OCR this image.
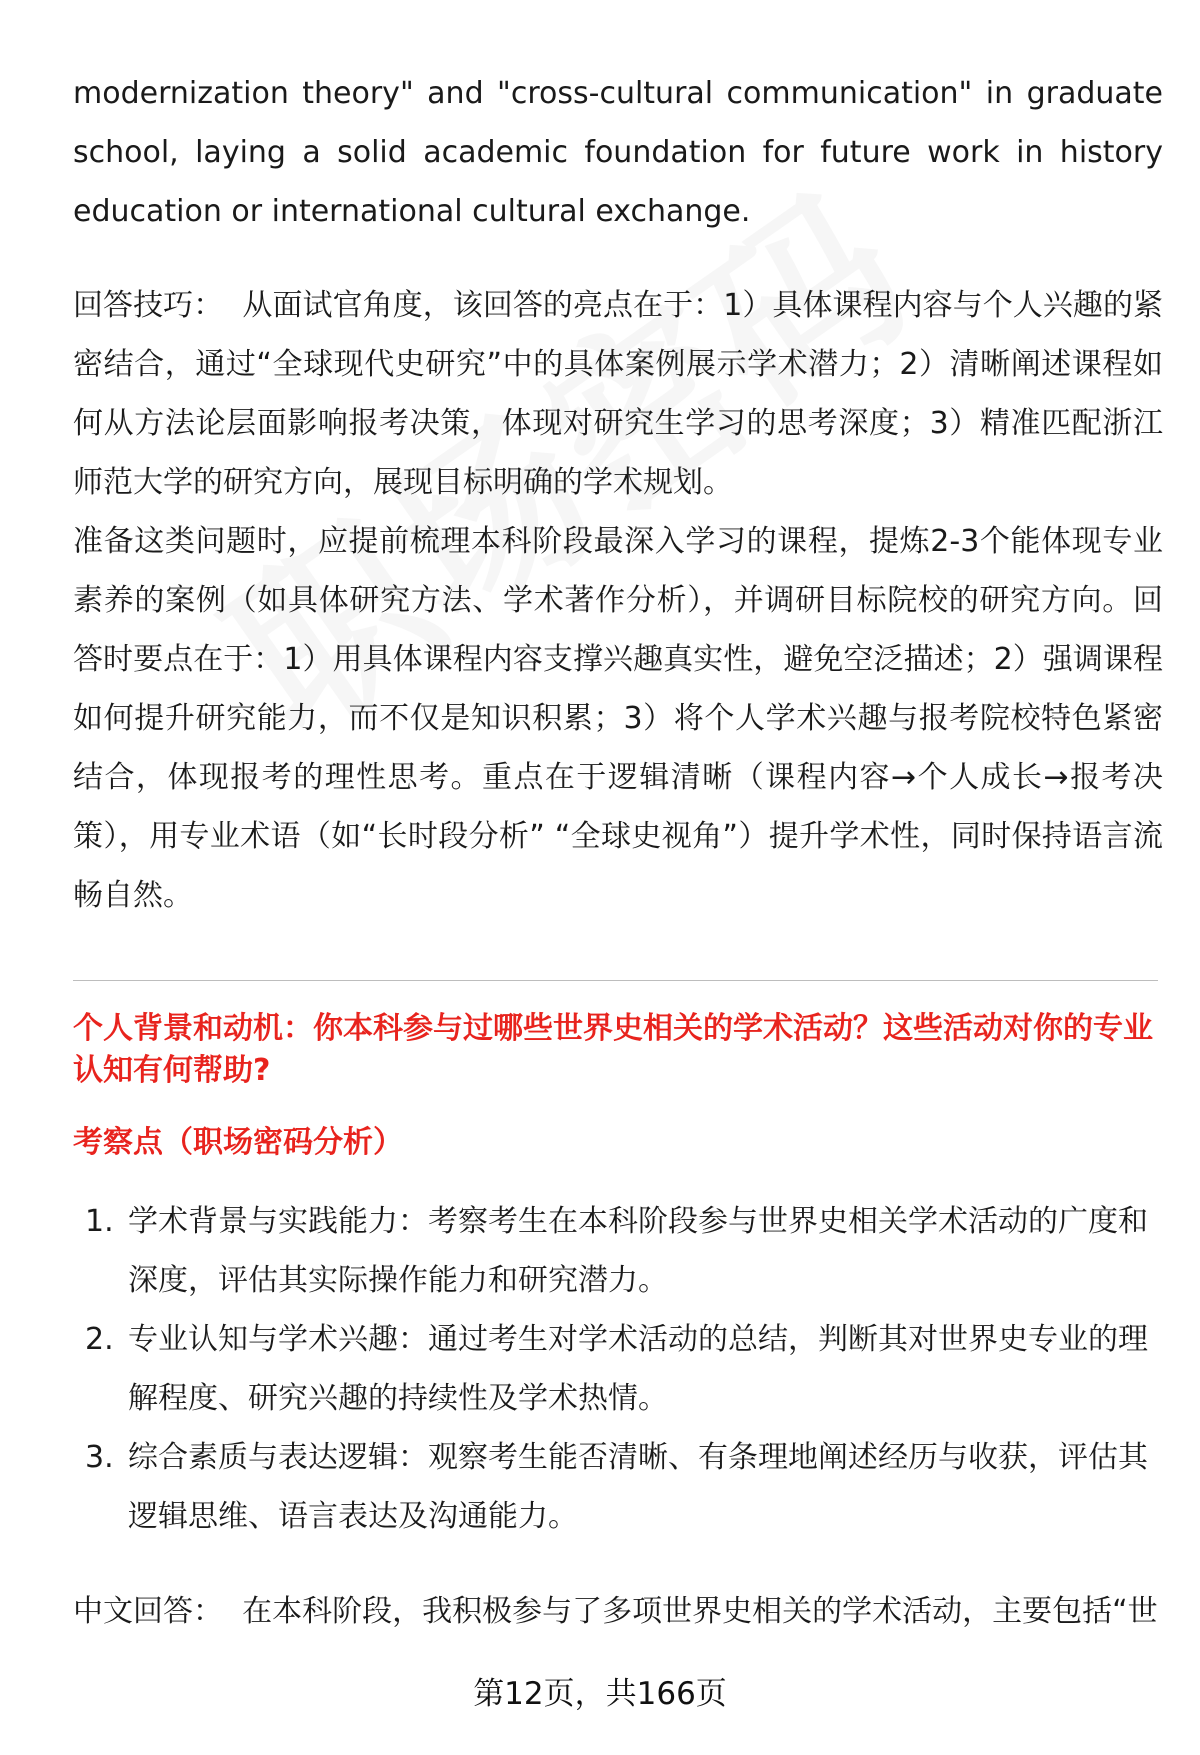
modernization theory" and "cross-cultural communication" in graduate school, laying a solid academic foundation for future work in history education or international cultural exchange.

回答技巧： 从面试官角度，该回答的亮点在于：1）具体课程内容与个人兴趣的紧密结合，通过“全球现代史研究”中的具体案例展示学术潜力；2）清晰阐述课程如何从方法论层面影响报考决策，体现对研究生学习的思考深度；3）精准匹配浙江师范大学的研究方向，展现目标明确的学术规划。

准备这类问题时，应提前梳理本科阶段最深入学习的课程，提炼2-3个能体现专业素养的案例（如具体研究方法、学术著作分析），并调研目标院校的研究方向。回答时要点在于：1）用具体课程内容支撑兴趣真实性，避免空泛描述；2）强调课程如何提升研究能力，而不仅是知识积累；3）将个人学术兴趣与报考院校特色紧密结合，体现报考的理性思考。重点在于逻辑清晰（课程内容→个人成长→报考决策），用专业术语（如“长时段分析” “全球史视角”）提升学术性，同时保持语言流畅自然。

个人背景和动机：你本科参与过哪些世界史相关的学术活动？这些活动对你的专业认知有何帮助?

考察点（职场密码分析）

1. 学术背景与实践能力：考察考生在本科阶段参与世界史相关学术活动的广度和深度，评估其实际操作能力和研究潜力。
2. 专业认知与学术兴趣：通过考生对学术活动的总结，判断其对世界史专业的理解程度、研究兴趣的持续性及学术热情。
3. 综合素质与表达逻辑：观察考生能否清晰、有条理地阐述经历与收获，评估其逻辑思维、语言表达及沟通能力。

中文回答： 在本科阶段，我积极参与了多项世界史相关的学术活动，主要包括“世

第12页，共166页
